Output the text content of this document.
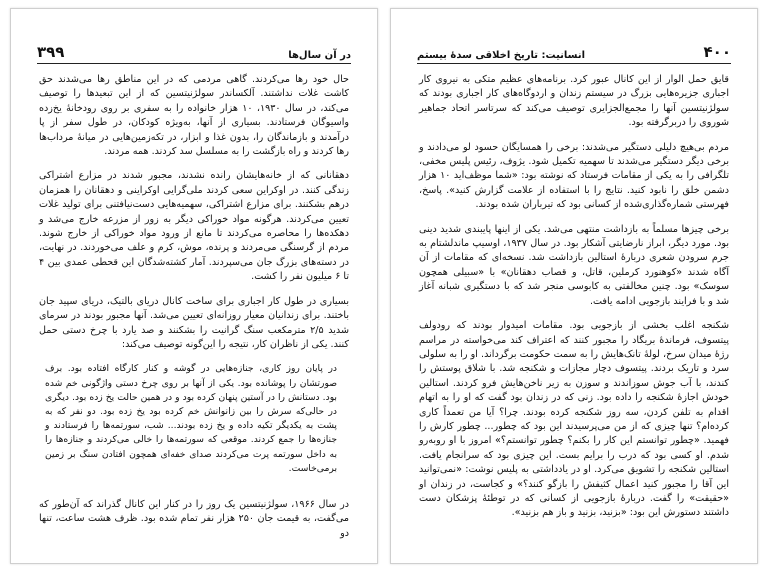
در آن سال‌ها
۳۹۹

حال خود رها می‌کردند. گاهی مردمی که در این مناطق رها می‌شدند حق کاشت غلات نداشتند. آلکساندر سولژنیتسین که از این تبعیدها را توصیف می‌کند، در سال ۱۹۳۰، ۱۰ هزار خانواده را به سفری بر روی رودخانهٔ یخ‌زده واسیوگان فرستادند. بسیاری از آنها، به‌ویژه کودکان، در طول سفر از پا درآمدند و بازماندگان را، بدون غذا و ابزار، در تکه‌زمین‌هایی در میانهٔ مرداب‌ها رها کردند و راه بازگشت را به مسلسل سد کردند. همه مردند.

دهقانانی که از خانه‌هایشان رانده نشدند، مجبور شدند در مزارع اشتراکی زندگی کنند. در اوکراین سعی کردند ملی‌گرایی اوکراینی و دهقانان را همزمان درهم بشکنند. برای مزارع اشتراکی، سهمیه‌هایی دست‌نیافتنی برای تولید غلات تعیین می‌کردند. هرگونه مواد خوراکی دیگر به زور از مزرعه خارج می‌شد و دهکده‌ها را محاصره می‌کردند تا مانع از ورود مواد خوراکی از خارج شوند. مردم از گرسنگی می‌مردند و پرنده، موش، کرم و علف می‌خوردند. در نهایت، در دسته‌های بزرگ جان می‌سپردند. آمار کشته‌شدگان این قحطی عمدی بین ۴ تا ۶ میلیون نفر را کشت.

بسیاری در طول کار اجباری برای ساخت کانال دریای بالتیک، دریای سپید جان باختند. برای زندانیان معیار روزانه‌ای تعیین می‌شد. آنها مجبور بودند در سرمای شدید ۲/۵ مترمکعب سنگ گرانیت را بشکنند و صد یارد با چرخ دستی حمل کنند. یکی از ناظران کار، نتیجه را این‌گونه توصیف می‌کند:

در پایان روز کاری، جنازه‌هایی در گوشه و کنار کارگاه افتاده بود. برف صورتشان را پوشانده بود. یکی از آنها بر روی چرخ دستی واژگونی خم شده بود. دستانش را در آستین پنهان کرده بود و در همین حالت یخ زده بود. دیگری در حالی‌که سرش را بین زانوانش خم کرده بود یخ زده بود. دو نفر که به پشت به یکدیگر تکیه داده و یخ زده بودند... شب، سورتمه‌ها را فرستادند و جنازه‌ها را جمع کردند. موقعی که سورتمه‌ها را خالی می‌کردند و جنازه‌ها را به داخل سورتمه پرت می‌کردند صدای خفه‌ای همچون افتادن سنگ بر زمین برمی‌خاست.

در سال ۱۹۶۶، سولژنیتسین یک روز را در کنار این کانال گذراند که آن‌طور که می‌گفت، به قیمت جان ۲۵۰ هزار نفر تمام شده بود. ظرف هشت ساعت، تنها دو

۴۰۰
انسانیت: تاریخ اخلاقی سدهٔ بیستم

قایق حمل الوار از این کانال عبور کرد. برنامه‌های عظیم متکی به نیروی کار اجباری جزیره‌هایی بزرگ در سیستم زندان و اردوگاه‌های کار اجباری بودند که سولژنیتسین آنها را مجمع‌الجزایری توصیف می‌کند که سرتاسر اتحاد جماهیر شوروی را دربرگرفته بود.

مردم بی‌هیچ دلیلی دستگیر می‌شدند: برخی را همسایگان حسود لو می‌دادند و برخی دیگر دستگیر می‌شدند تا سهمیه تکمیل شود. یژوف، رئیس پلیس مخفی، تلگرافی را به یکی از مقامات فرستاد که نوشته بود: «شما موظف‌اید ۱۰ هزار دشمن خلق را نابود کنید. نتایج را با استفاده از علامت گزارش کنید». پاسخ، فهرستی شماره‌گذاری‌شده از کسانی بود که تیرباران شده بودند.

برخی چیزها مسلماً به بازداشت منتهی می‌شد. یکی از اینها پایبندی شدید دینی بود. مورد دیگر، ابراز نارضایتی آشکار بود. در سال ۱۹۳۷، اوسیپ ماندلشتام به جرم سرودن شعری دربارهٔ استالین بازداشت شد. نسخه‌ای که مقامات از آن آگاه شدند «کوهنورد کرملین، قاتل، و قصاب دهقانان» با «سبیلی همچون سوسک» بود. چنین مخالفتی به کابوسی منجر شد که با دستگیری شبانه آغاز شد و با فرایند بازجویی ادامه یافت.

شکنجه اغلب بخشی از بازجویی بود. مقامات امیدوار بودند که رودولف پیتسوف، فرماندهٔ بریگاد را مجبور کنند که اعتراف کند می‌خواسته در مراسم رژهٔ میدان سرخ، لولهٔ تانک‌هایش را به سمت حکومت برگرداند. او را به سلولی سرد و تاریک بردند. پیتسوف دچار مجازات و شکنجه شد. با شلاق پوستش را کندند، با آب جوش سوزاندند و سوزن به زیر ناخن‌هایش فرو کردند. استالین خودش اجازهٔ شکنجه را داده بود. زنی که در زندان بود گفت که او را به اتهام اقدام به تلفن کردن، سه روز شکنجه کرده بودند. چرا؟ آیا من تعمداً کاری کرده‌ام؟ تنها چیزی که از من می‌پرسیدند این بود که چطور... چطور کارش را فهمید. «چطور توانستم این کار را بکنم؟ چطور توانستم؟» امروز با او روبه‌رو شدم. او کسی بود که درب را برایم بست. این چیزی بود که سرانجام یافت. استالین شکنجه را تشویق می‌کرد. او در یادداشتی به پلیس نوشت: «نمی‌توانید این آقا را مجبور کنید اعمال کثیفش را بازگو کنند؟» و کجاست، در زندان او «حقیقت» را گفت. دربارهٔ بازجویی از کسانی که در توطئهٔ پزشکان دست داشتند دستورش این بود: «بزنید، بزنید و باز هم بزنید».
